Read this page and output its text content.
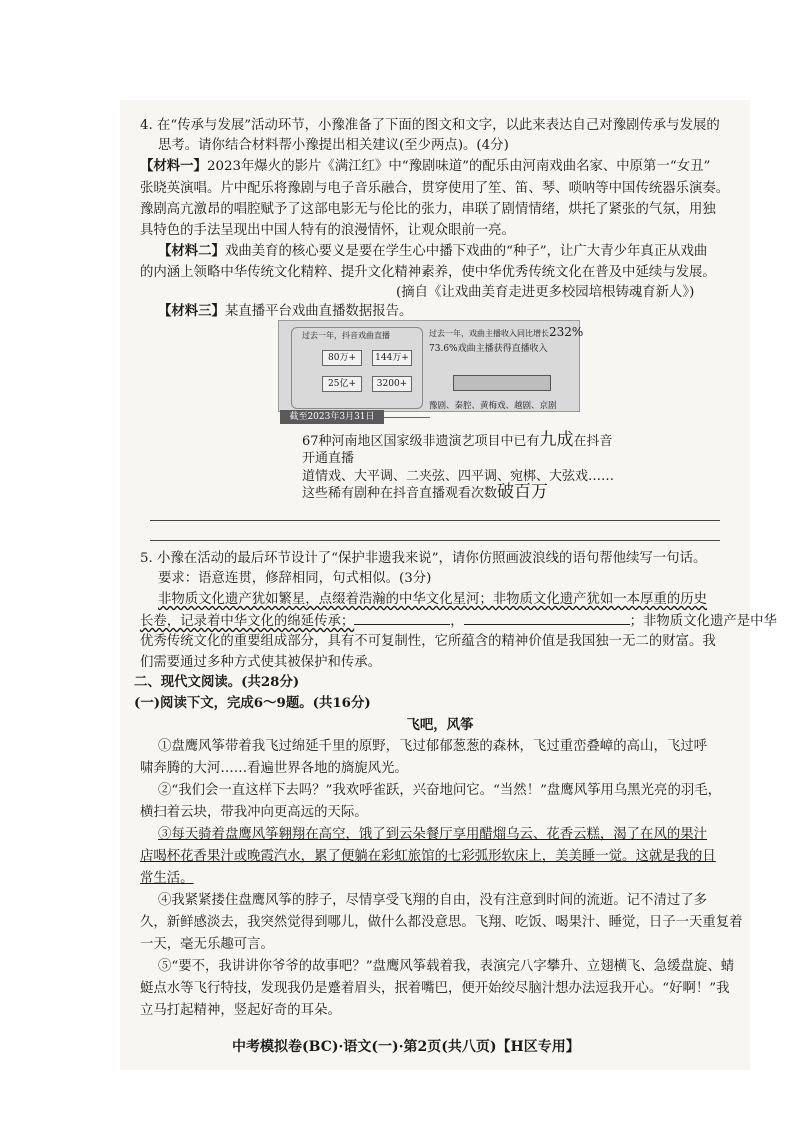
4. 在“传承与发展”活动环节，小豫准备了下面的图文和文字，以此来表达自己对豫剧传承与发展的
思考。请你结合材料帮小豫提出相关建议(至少两点)。(4分)
【材料一】2023年爆火的影片《满江红》中“豫剧味道”的配乐由河南戏曲名家、中原第一“女丑”
张晓英演唱。片中配乐将豫剧与电子音乐融合，贯穿使用了笙、笛、琴、唢呐等中国传统器乐演奏。
豫剧高亢激昂的唱腔赋予了这部电影无与伦比的张力，串联了剧情情绪，烘托了紧张的气氛，用独
具特色的手法呈现出中国人特有的浪漫情怀，让观众眼前一亮。
【材料二】戏曲美育的核心要义是要在学生心中播下戏曲的“种子”，让广大青少年真正从戏曲
的内涵上领略中华传统文化精粹、提升文化精神素养，使中华优秀传统文化在普及中延续与发展。
(摘自《让戏曲美育走进更多校园培根铸魂育新人》)
【材料三】某直播平台戏曲直播数据报告。
过去一年，抖音戏曲直播
80万+	144万+
25亿+	3200+
过去一年，戏曲主播收入同比增长232%
73.6%戏曲主播获得直播收入
豫剧、秦腔、黄梅戏、越剧、京剧
截至2023年3月31日
67种河南地区国家级非遗演艺项目中已有九成在抖音
开通直播
道情戏、大平调、二夹弦、四平调、宛梆、大弦戏……
这些稀有剧种在抖音直播观看次数破百万
5. 小豫在活动的最后环节设计了“保护非遗我来说”，请你仿照画波浪线的语句帮他续写一句话。
要求：语意连贯，修辞相同，句式相似。(3分)
非物质文化遗产犹如繁星，点缀着浩瀚的中华文化星河；非物质文化遗产犹如一本厚重的历史
长卷，记录着中华文化的绵延传承；	，	；非物质文化遗产是中华
优秀传统文化的重要组成部分，具有不可复制性，它所蕴含的精神价值是我国独一无二的财富。我
们需要通过多种方式使其被保护和传承。
二、现代文阅读。(共28分)
(一)阅读下文，完成6～9题。(共16分)
飞吧，风筝
①盘鹰风筝带着我飞过绵延千里的原野，飞过郁郁葱葱的森林，飞过重峦叠嶂的高山，飞过呼
啸奔腾的大河……看遍世界各地的旖旎风光。
②“我们会一直这样下去吗？”我欢呼雀跃，兴奋地问它。“当然！”盘鹰风筝用乌黑光亮的羽毛，
横扫着云块，带我冲向更高远的天际。
③每天骑着盘鹰风筝翱翔在高空，饿了到云朵餐厅享用醋熘乌云、花香云糕，渴了在风的果汁
店喝杯花香果汁或晚霞汽水，累了便躺在彩虹旅馆的七彩弧形软床上，美美睡一觉。这就是我的日
常生活。
④我紧紧搂住盘鹰风筝的脖子，尽情享受飞翔的自由，没有注意到时间的流逝。记不清过了多
久，新鲜感淡去，我突然觉得到哪儿，做什么都没意思。飞翔、吃饭、喝果汁、睡觉，日子一天重复着
一天，毫无乐趣可言。
⑤“要不，我讲讲你爷爷的故事吧？”盘鹰风筝载着我，表演完八字攀升、立翅横飞、急缓盘旋、蜻
蜓点水等飞行特技，发现我仍是蹙着眉头，抿着嘴巴，便开始绞尽脑汁想办法逗我开心。“好啊！”我
立马打起精神，竖起好奇的耳朵。
中考模拟卷(BC)·语文(一)·第2页(共八页)【H区专用】
